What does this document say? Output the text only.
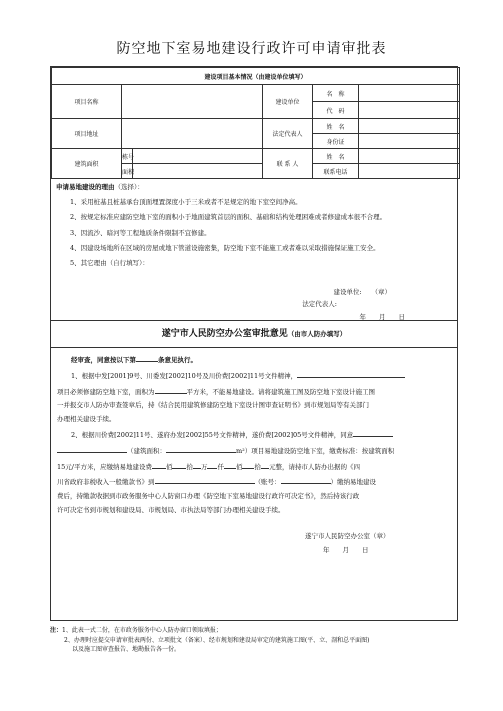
防空地下室易地建设行政许可申请审批表
建设项目基本情况（由建设单位填写）					
项目名称			建设单位	名　称	
				代　码	
项目地址			法定代表人	姓　名	
				身份证	
建筑面积	栋号		联 系 人	姓　名	
	面积			联系电话	

申请易地建设的理由（选择）：

1、采用桩基且桩基承台顶面埋置深度小于三米或者不足规定的地下室空间净高。

2、按规定标准应建防空地下室的面积小于地面建筑首层的面积、基础和结构处理困难或者修建成本很不合理。

3、因流沙、暗河等工程地质条件限制不宜修建。

4、因建设场地所在区域的房屋或地下管道设施密集，防空地下室不能施工或者难以采取措施保证施工安全。

5、其它理由（自行填写）：

建设单位:　　（章）
法定代表人:
年　　月　　日
遂宁市人民防空办公室审批意见（由市人防办填写）

经审查，同意按以下第	条意见执行。

1、根据中发[2001]9号、川委发[2002]10号及川价费[2002]11号文件精神，

项目必须修建防空地下室，面积为	平方米，不能易地建设。请将建筑施工图及防空地下室设计施工图

一并报交市人防办审查签章后，持《结合民用建筑修建防空地下室设计图审查证明书》到市规划局等有关部门

办理相关建设手续。

2、根据川价费[2002]11号、遂府办发[2002]55号文件精神，遂价费[2002]05号文件精神，同意

（建筑面积：	m²）项目易地建设防空地下室，缴费标准：按建筑面积

15元/平方米，应缴纳易地建设费 佰 拾 万 仟 佰 拾 元整，请持市人防办出据的《四

川省政府非税收入一般缴款书》到	（账号：	）缴纳易地建设

费后，持缴款收据到市政务服务中心人防窗口办理《防空地下室易地建设行政许可决定书》，然后持该行政

许可决定书到市规划和建设局、市规划局、市执法局等部门办理相关建设手续。

遂宁市人民防空办公室（章）

年　　月　　日

注：1、此表一式二份，在市政务服务中心人防办窗口领取填报；

2、办理时应提交申请审批表两份、立项批文（备案）、经市规划和建设局审定的建筑施工图(平、立、剖和总平面图)

以及施工图审查报告、地勘报告各一份。
